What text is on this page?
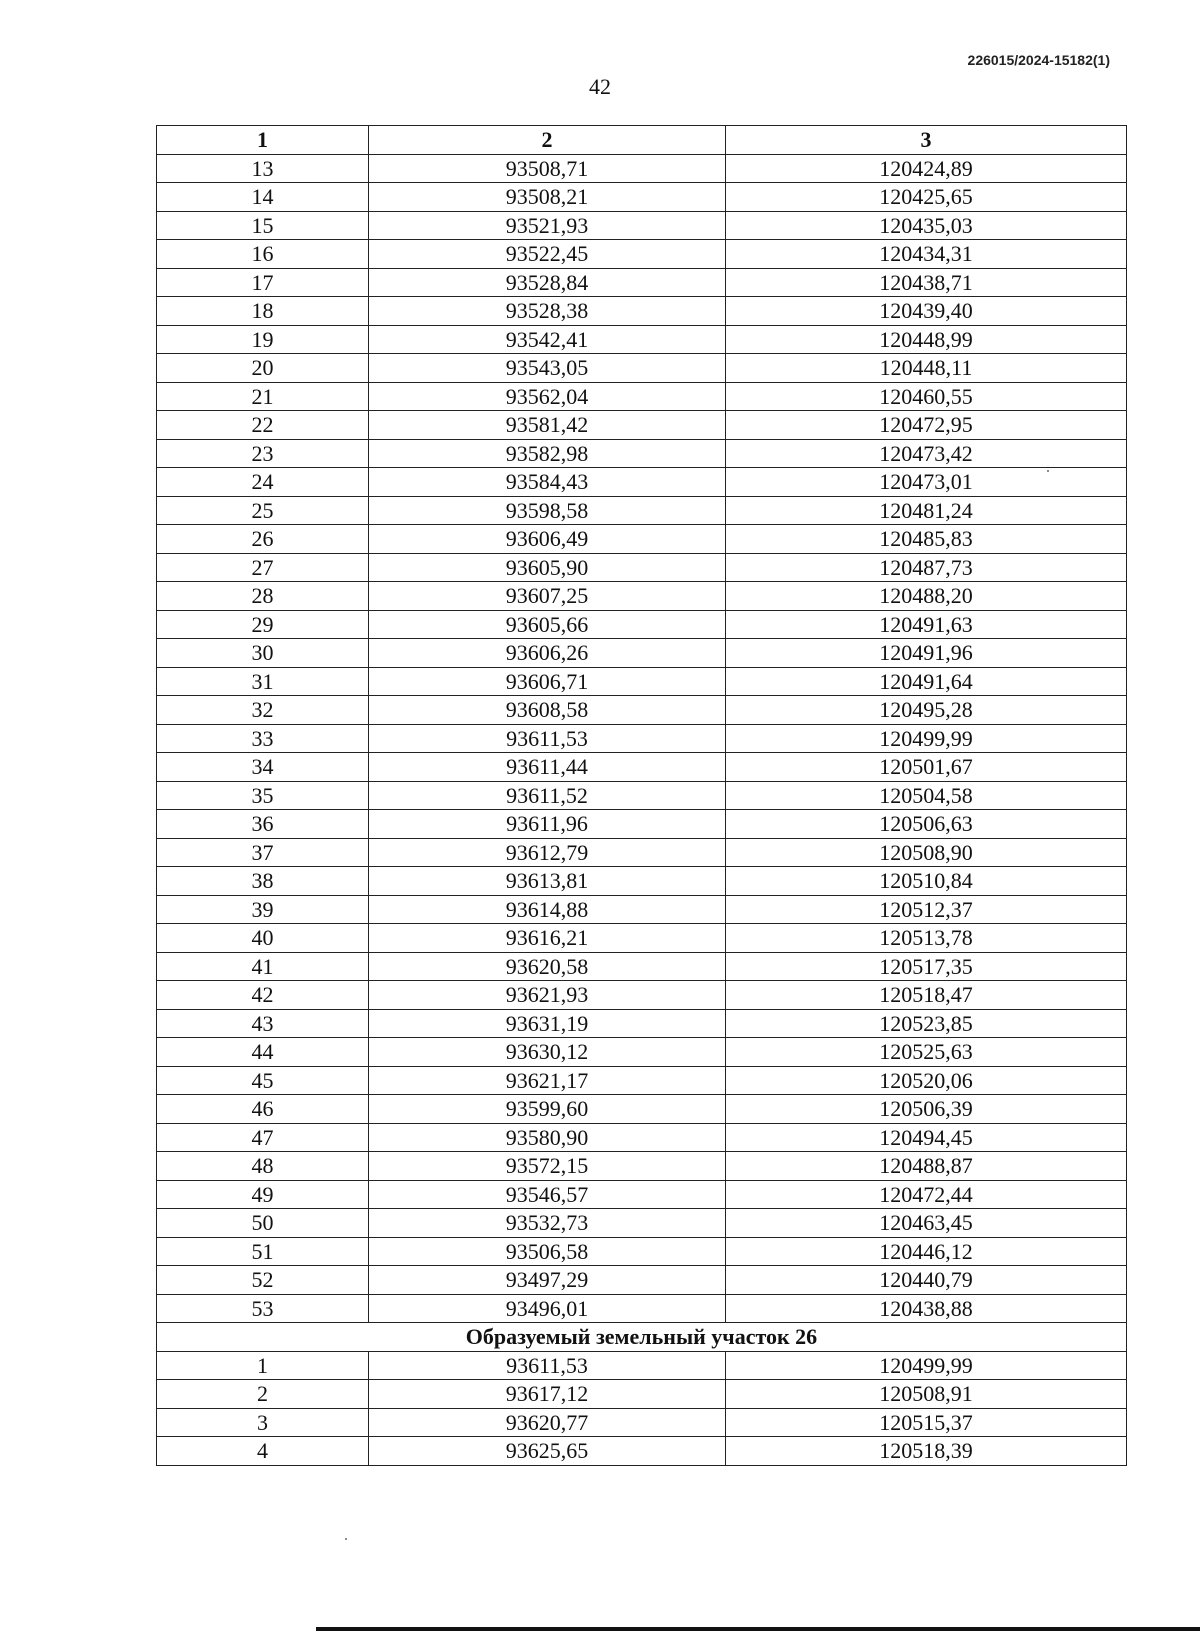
226015/2024-15182(1)
42
1	2	3
13	93508,71	120424,89
14	93508,21	120425,65
15	93521,93	120435,03
16	93522,45	120434,31
17	93528,84	120438,71
18	93528,38	120439,40
19	93542,41	120448,99
20	93543,05	120448,11
21	93562,04	120460,55
22	93581,42	120472,95
23	93582,98	120473,42
24	93584,43	120473,01
25	93598,58	120481,24
26	93606,49	120485,83
27	93605,90	120487,73
28	93607,25	120488,20
29	93605,66	120491,63
30	93606,26	120491,96
31	93606,71	120491,64
32	93608,58	120495,28
33	93611,53	120499,99
34	93611,44	120501,67
35	93611,52	120504,58
36	93611,96	120506,63
37	93612,79	120508,90
38	93613,81	120510,84
39	93614,88	120512,37
40	93616,21	120513,78
41	93620,58	120517,35
42	93621,93	120518,47
43	93631,19	120523,85
44	93630,12	120525,63
45	93621,17	120520,06
46	93599,60	120506,39
47	93580,90	120494,45
48	93572,15	120488,87
49	93546,57	120472,44
50	93532,73	120463,45
51	93506,58	120446,12
52	93497,29	120440,79
53	93496,01	120438,88
Образуемый земельный участок 26		
1	93611,53	120499,99
2	93617,12	120508,91
3	93620,77	120515,37
4	93625,65	120518,39
